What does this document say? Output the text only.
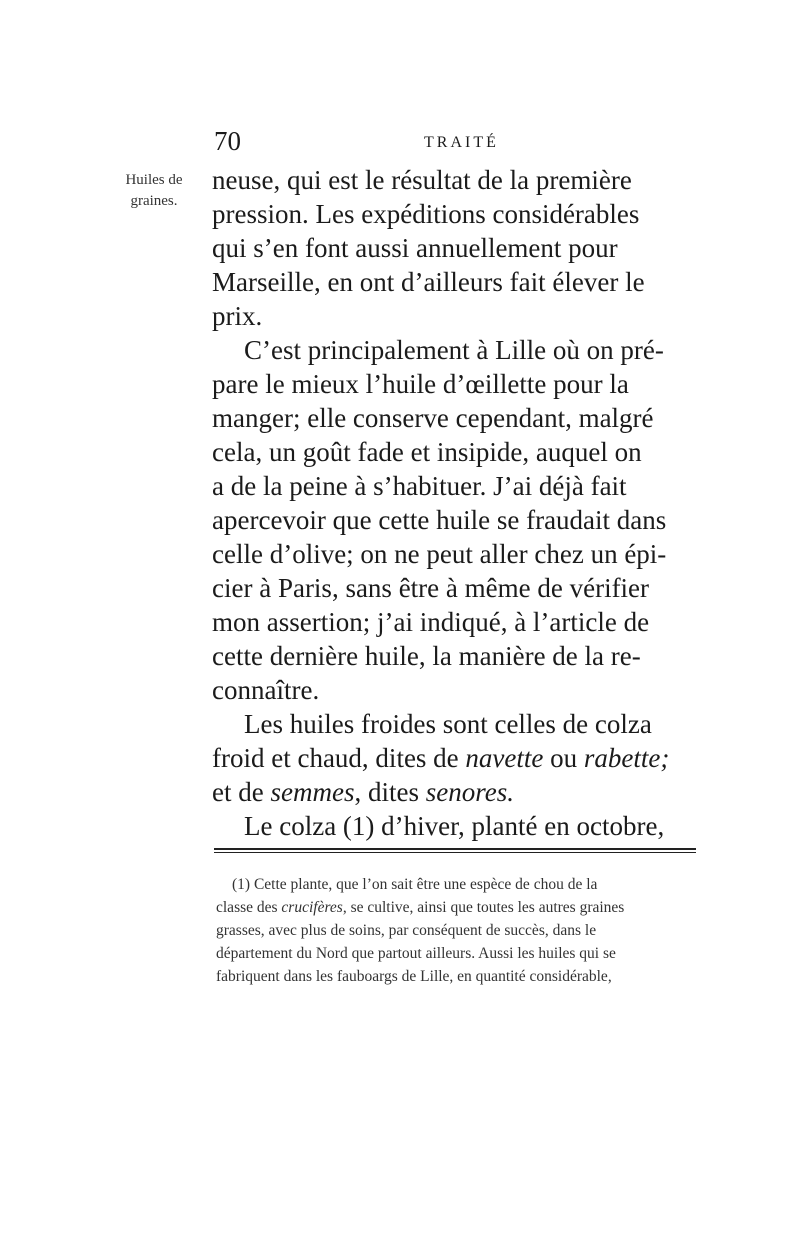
70	TRAITÉ
Huiles de
graines.
neuse, qui est le résultat de la première
pression. Les expéditions considérables
qui s’en font aussi annuellement pour
Marseille, en ont d’ailleurs fait élever le
prix.
C’est principalement à Lille où on pré-
pare le mieux l’huile d’œillette pour la
manger; elle conserve cependant, malgré
cela, un goût fade et insipide, auquel on
a de la peine à s’habituer. J’ai déjà fait
apercevoir que cette huile se fraudait dans
celle d’olive; on ne peut aller chez un épi-
cier à Paris, sans être à même de vérifier
mon assertion; j’ai indiqué, à l’article de
cette dernière huile, la manière de la re-
connaître.
Les huiles froides sont celles de colza
froid et chaud, dites de
navette
ou
rabette;
et de
semmes , dites
senores.
Le colza (1) d’hiver, planté en octobre,
(1) Cette plante, que l’on sait être une espèce de chou de la
classe des
crucifères , se cultive, ainsi que toutes les autres graines
grasses, avec plus de soins, par conséquent de succès, dans le
département du Nord que partout ailleurs. Aussi les huiles qui se
fabriquent dans les fauboargs de Lille, en quantité considérable,
